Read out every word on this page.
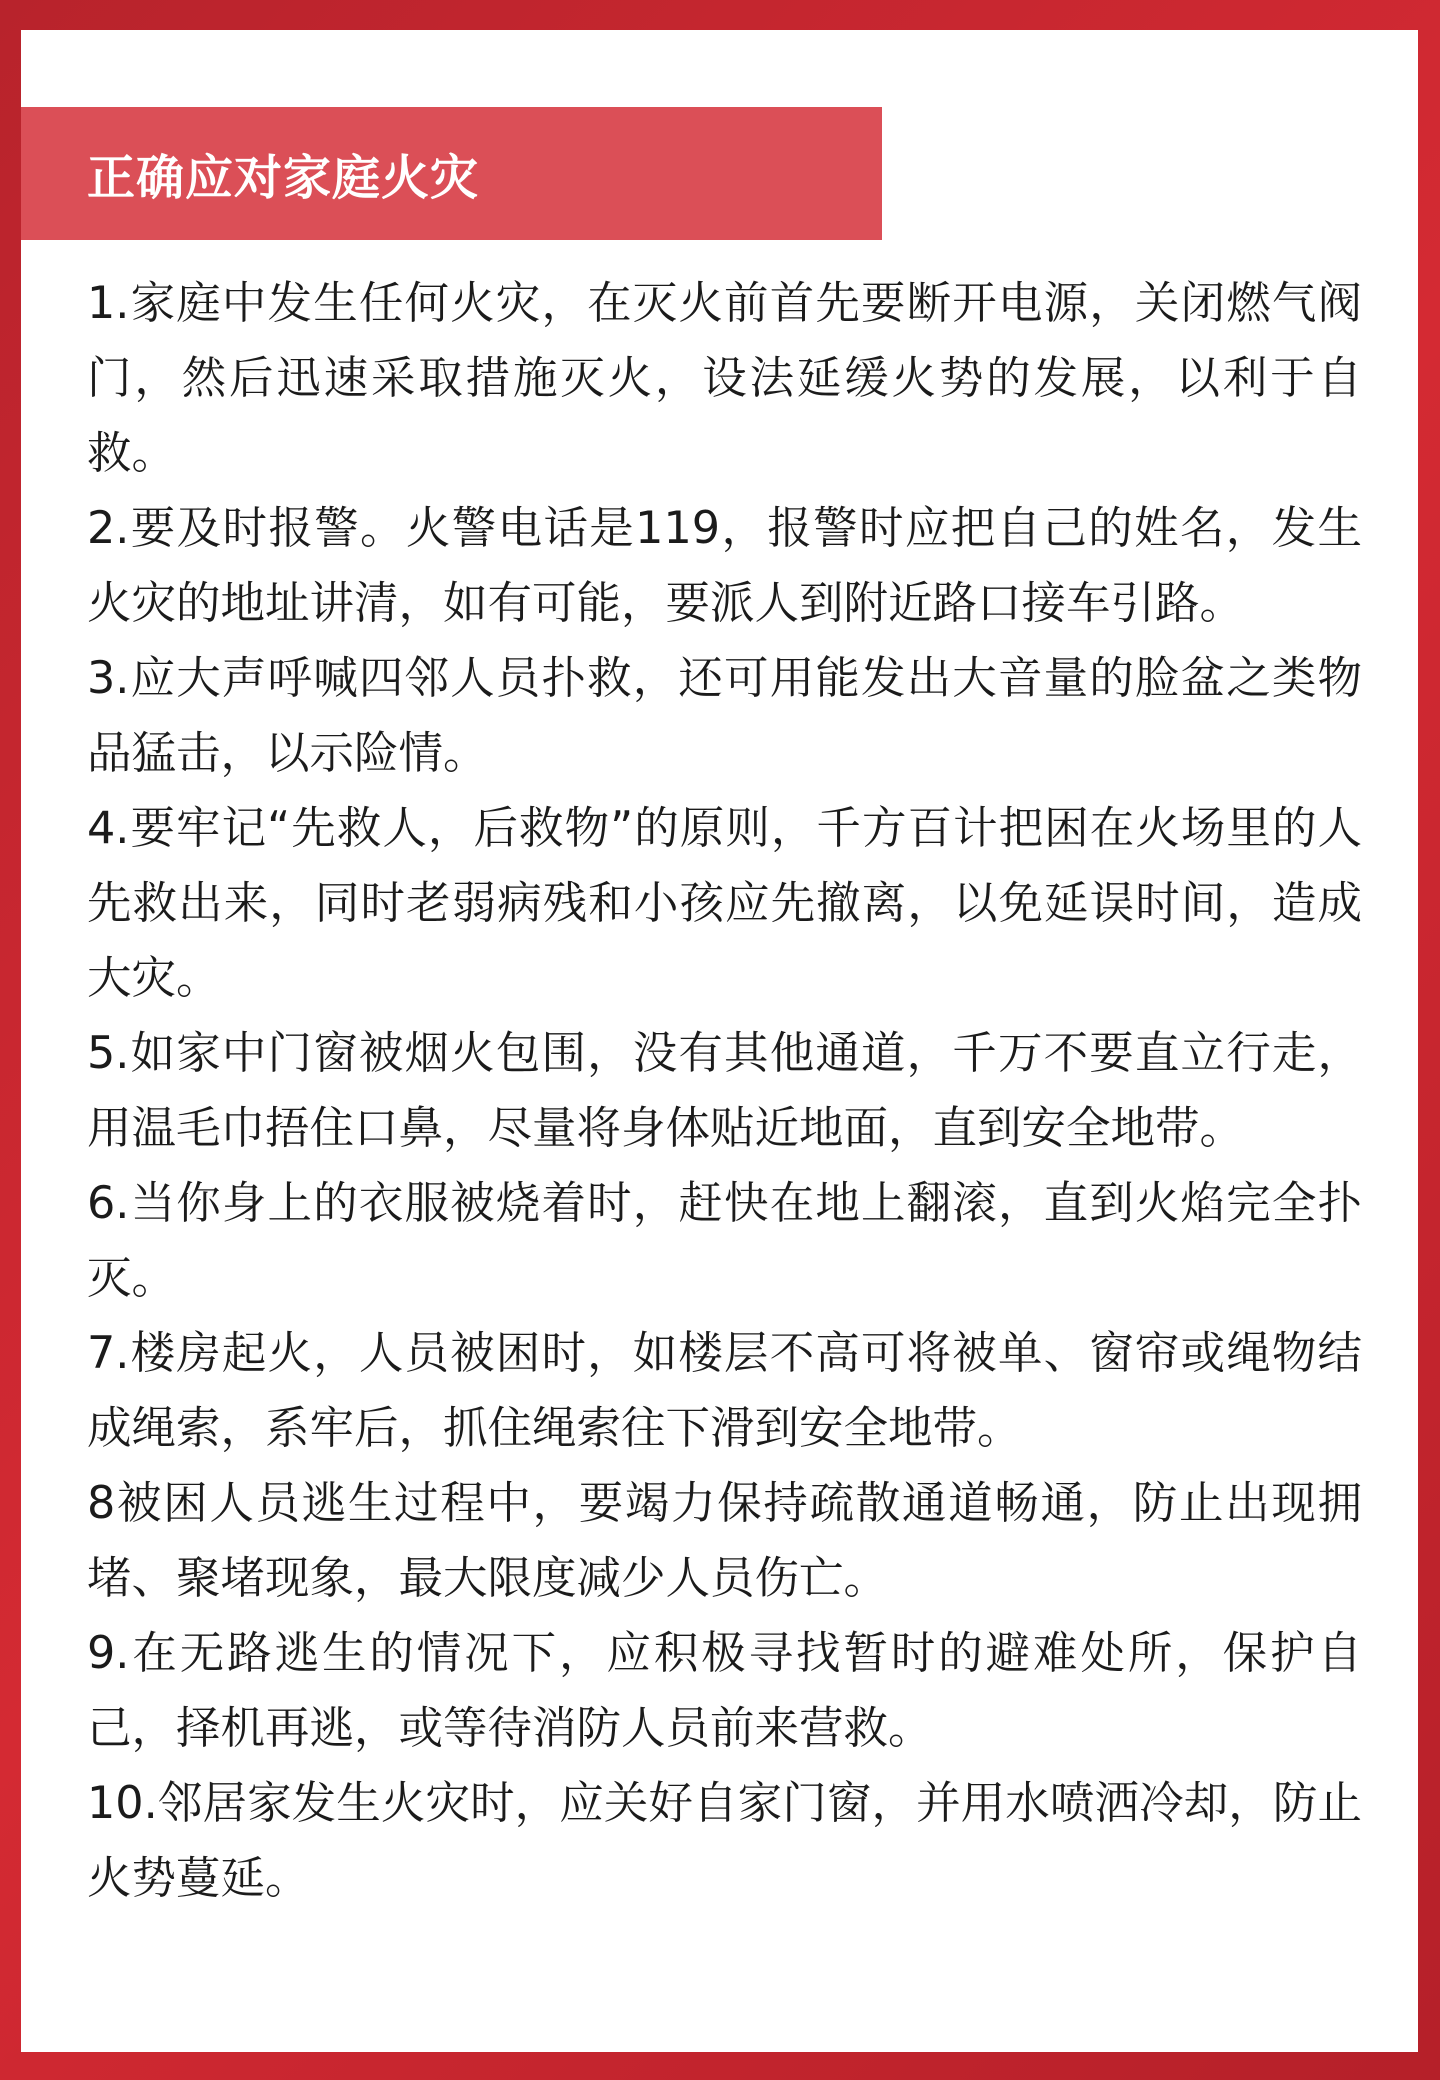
正确应对家庭火灾

1.家庭中发生任何火灾，在灭火前首先要断开电源，关闭燃气阀门，然后迅速采取措施灭火，设法延缓火势的发展，以利于自救。

2.要及时报警。火警电话是119，报警时应把自己的姓名，发生火灾的地址讲清，如有可能，要派人到附近路口接车引路。

3.应大声呼喊四邻人员扑救，还可用能发出大音量的脸盆之类物品猛击，以示险情。

4.要牢记“先救人，后救物”的原则，千方百计把困在火场里的人先救出来，同时老弱病残和小孩应先撤离，以免延误时间，造成大灾。

5.如家中门窗被烟火包围，没有其他通道，千万不要直立行走，用温毛巾捂住口鼻，尽量将身体贴近地面，直到安全地带。

6.当你身上的衣服被烧着时，赶快在地上翻滚，直到火焰完全扑灭。

7.楼房起火，人员被困时，如楼层不高可将被单、窗帘或绳物结成绳索，系牢后，抓住绳索往下滑到安全地带。

8被困人员逃生过程中，要竭力保持疏散通道畅通，防止出现拥堵、聚堵现象，最大限度减少人员伤亡。

9.在无路逃生的情况下，应积极寻找暂时的避难处所，保护自己，择机再逃，或等待消防人员前来营救。

10.邻居家发生火灾时，应关好自家门窗，并用水喷洒冷却，防止火势蔓延。
